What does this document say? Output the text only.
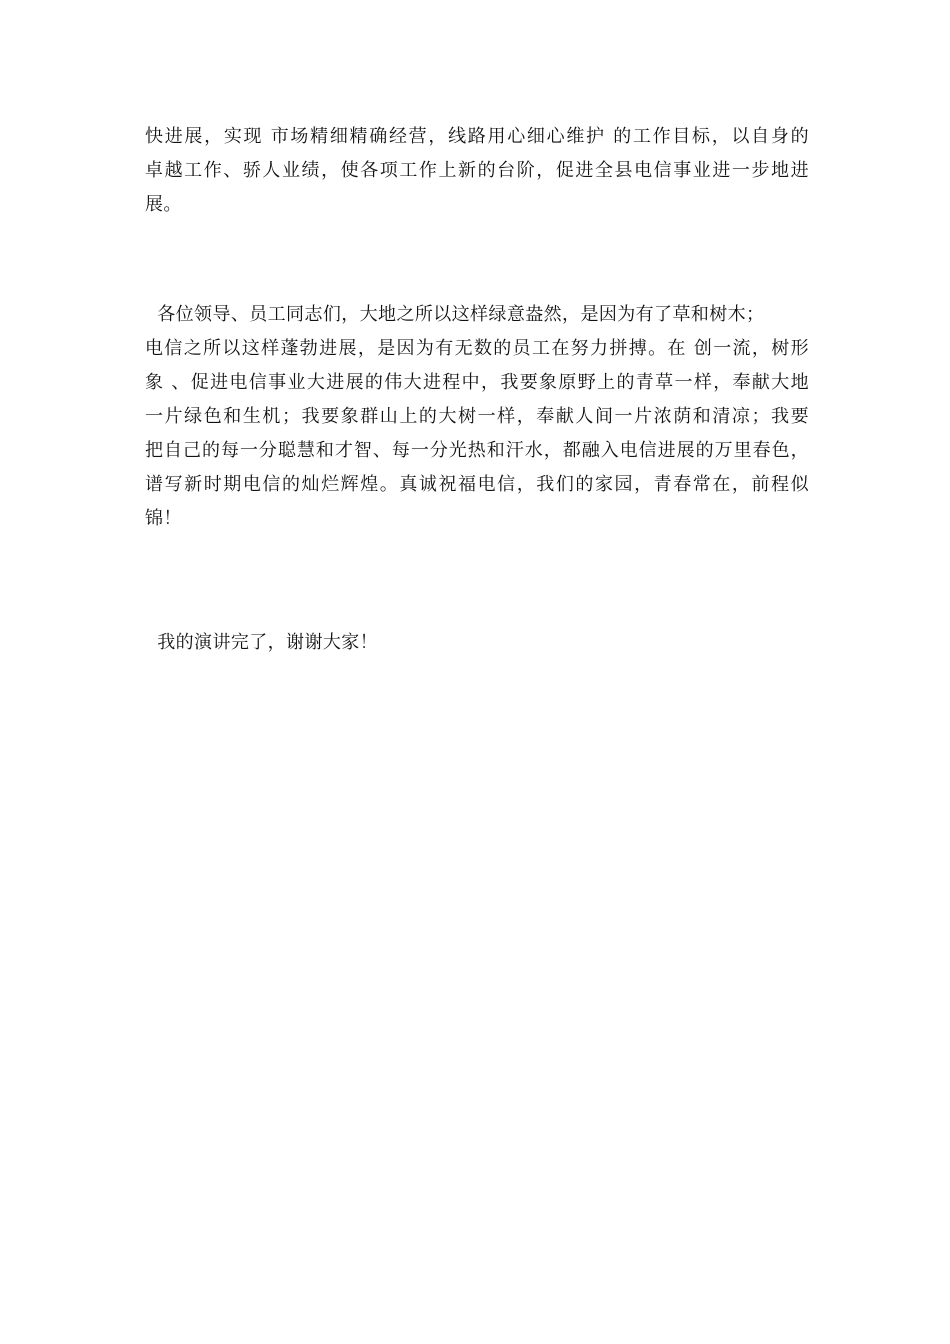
快进展，实现 市场精细精确经营，线路用心细心维护 的工作目标，以自身的
卓越工作、骄人业绩，使各项工作上新的台阶，促进全县电信事业进一步地进
展。
各位领导、员工同志们，大地之所以这样绿意盎然，是因为有了草和树木；
电信之所以这样蓬勃进展，是因为有无数的员工在努力拼搏。在 创一流，树形
象 、促进电信事业大进展的伟大进程中，我要象原野上的青草一样，奉献大地
一片绿色和生机；我要象群山上的大树一样，奉献人间一片浓荫和清凉；我要
把自己的每一分聪慧和才智、每一分光热和汗水，都融入电信进展的万里春色，
谱写新时期电信的灿烂辉煌。真诚祝福电信，我们的家园，青春常在，前程似
锦！
我的演讲完了，谢谢大家！
